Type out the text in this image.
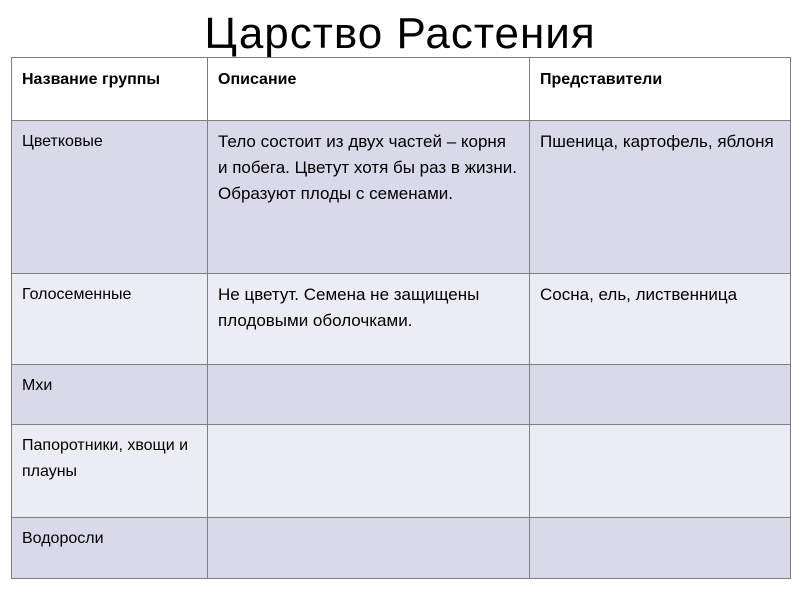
Царство Растения
Название группы	Описание	Представители
Цветковые	Тело состоит из двух частей – корня и побега. Цветут хотя бы раз в жизни. Образуют плоды с семенами.	Пшеница, картофель, яблоня
Голосеменные	Не цветут. Семена не защищены плодовыми оболочками.	Сосна, ель, лиственница
Мхи		
Папоротники, хвощи и плауны		
Водоросли		
